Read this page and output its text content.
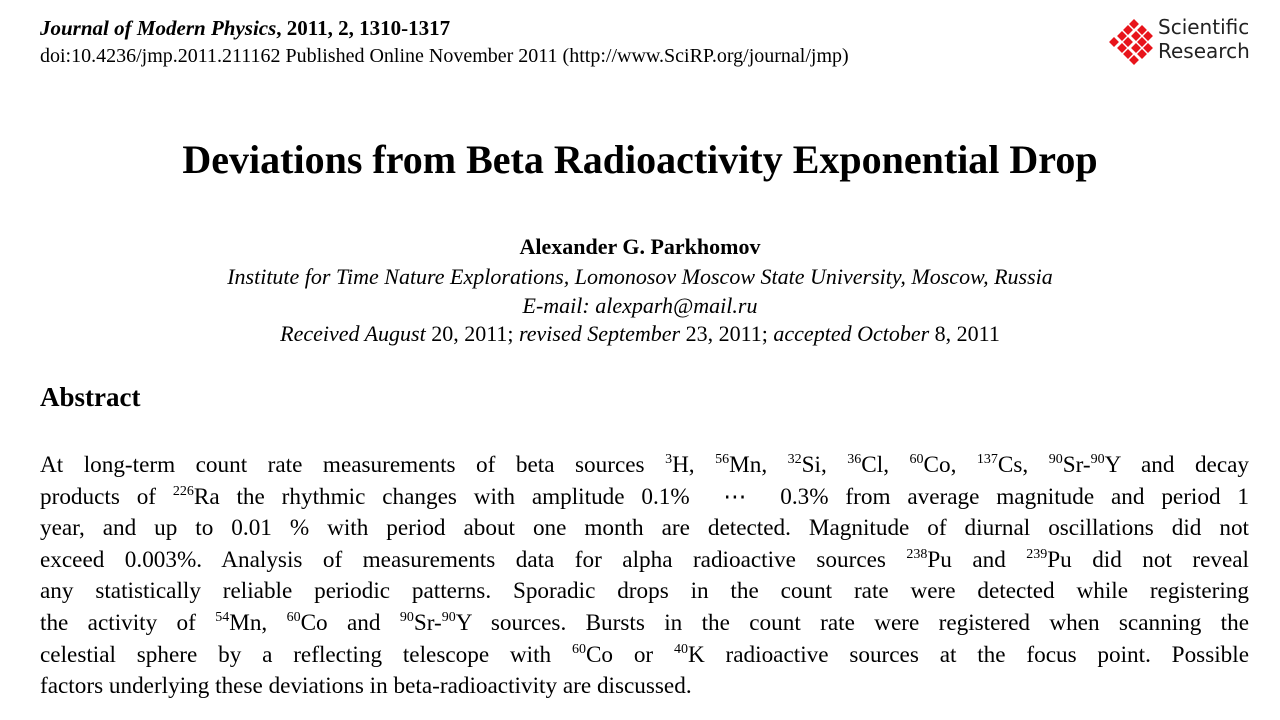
Journal of Modern Physics, 2011, 2, 1310-1317
doi:10.4236/jmp.2011.211162 Published Online November 2011 (http://www.SciRP.org/journal/jmp)
Scientific
Research
Deviations from Beta Radioactivity Exponential Drop
Alexander G. Parkhomov
Institute for Time Nature Explorations, Lomonosov Moscow State University, Moscow, Russia
E-mail: alexparh@mail.ru
Received August 20, 2011; revised September 23, 2011; accepted October 8, 2011
Abstract
At long-term count rate measurements of beta sources $^3$H, $^{56}$Mn, $^{32}$Si, $^{36}$Cl, $^{60}$Co, $^{137}$Cs, $^{90}$Sr-$^{90}$Y and decay
products of $^{226}$Ra the rhythmic changes with amplitude 0.1%  ⋯  0.3% from average magnitude and period 1
year, and up to 0.01 % with period about one month are detected. Magnitude of diurnal oscillations did not
exceed 0.003%. Analysis of measurements data for alpha radioactive sources $^{238}$Pu and $^{239}$Pu did not reveal
any statistically reliable periodic patterns. Sporadic drops in the count rate were detected while registering
the activity of $^{54}$Mn, $^{60}$Co and $^{90}$Sr-$^{90}$Y sources. Bursts in the count rate were registered when scanning the
celestial sphere by a reflecting telescope with $^{60}$Co or $^{40}$K radioactive sources at the focus point. Possible
factors underlying these deviations in beta-radioactivity are discussed.
